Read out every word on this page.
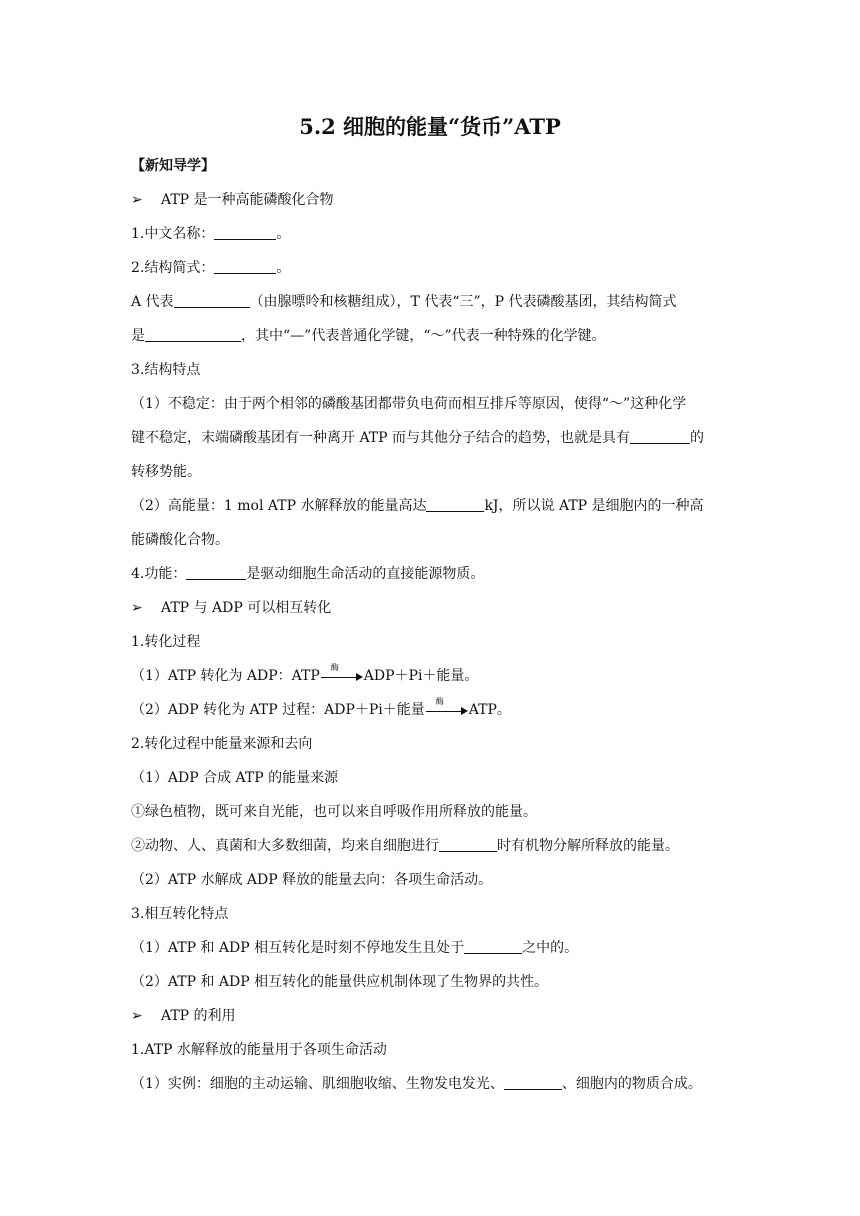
5.2 细胞的能量“货币”ATP
【新知导学】
➢ ATP 是一种高能磷酸化合物
1.中文名称：	。
2.结构简式：	。
A 代表	（由腺嘌呤和核糖组成），T 代表“三”，P 代表磷酸基团，其结构简式
是	，其中“—”代表普通化学键，“～”代表一种特殊的化学键。
3.结构特点
（1）不稳定：由于两个相邻的磷酸基团都带负电荷而相互排斥等原因，使得“～”这种化学
键不稳定，末端磷酸基团有一种离开 ATP 而与其他分子结合的趋势，也就是具有	的
转移势能。
（2）高能量：1 mol ATP 水解释放的能量高达	kJ，所以说 ATP 是细胞内的一种高
能磷酸化合物。
4.功能：	是驱动细胞生命活动的直接能源物质。
➢ ATP 与 ADP 可以相互转化
1.转化过程
（1）ATP 转化为 ADP：ATP
酶
ADP＋Pi＋能量。
（2）ADP 转化为 ATP 过程：ADP＋Pi＋能量
酶
ATP。
2.转化过程中能量来源和去向
（1）ADP 合成 ATP 的能量来源
①绿色植物，既可来自光能，也可以来自呼吸作用所释放的能量。
②动物、人、真菌和大多数细菌，均来自细胞进行	时有机物分解所释放的能量。
（2）ATP 水解成 ADP 释放的能量去向：各项生命活动。
3.相互转化特点
（1）ATP 和 ADP 相互转化是时刻不停地发生且处于	之中的。
（2）ATP 和 ADP 相互转化的能量供应机制体现了生物界的共性。
➢ ATP 的利用
1.ATP 水解释放的能量用于各项生命活动
（1）实例：细胞的主动运输、肌细胞收缩、生物发电发光、	、细胞内的物质合成。
